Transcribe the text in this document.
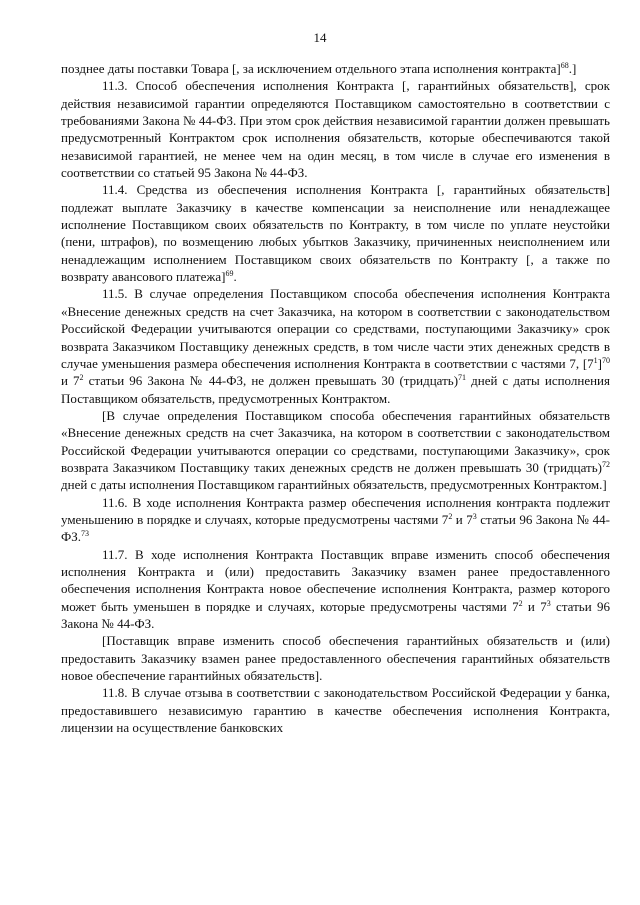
14

позднее даты поставки Товара [, за исключением отдельного этапа исполнения контракта]$^{68}$.]

11.3. Способ обеспечения исполнения Контракта [, гарантийных обязательств], срок действия независимой гарантии определяются Поставщиком самостоятельно в соответствии с требованиями Закона № 44-ФЗ. При этом срок действия независимой гарантии должен превышать предусмотренный Контрактом срок исполнения обязательств, которые обеспечиваются такой независимой гарантией, не менее чем на один месяц, в том числе в случае его изменения в соответствии со статьей 95 Закона № 44-ФЗ.

11.4. Средства из обеспечения исполнения Контракта [, гарантийных обязательств] подлежат выплате Заказчику в качестве компенсации за неисполнение или ненадлежащее исполнение Поставщиком своих обязательств по Контракту, в том числе по уплате неустойки (пени, штрафов), по возмещению любых убытков Заказчику, причиненных неисполнением или ненадлежащим исполнением Поставщиком своих обязательств по Контракту [, а также по возврату авансового платежа]$^{69}$.

11.5. В случае определения Поставщиком способа обеспечения исполнения Контракта «Внесение денежных средств на счет Заказчика, на котором в соответствии с законодательством Российской Федерации учитываются операции со средствами, поступающими Заказчику» срок возврата Заказчиком Поставщику денежных средств, в том числе части этих денежных средств в случае уменьшения размера обеспечения исполнения Контракта в соответствии с частями 7, $[7^1]^{70}$ и $7^2$ статьи 96 Закона № 44-ФЗ, не должен превышать 30 (тридцать)$^{71}$ дней с даты исполнения Поставщиком обязательств, предусмотренных Контрактом.

[В случае определения Поставщиком способа обеспечения гарантийных обязательств «Внесение денежных средств на счет Заказчика, на котором в соответствии с законодательством Российской Федерации учитываются операции со средствами, поступающими Заказчику», срок возврата Заказчиком Поставщику таких денежных средств не должен превышать 30 (тридцать)$^{72}$ дней с даты исполнения Поставщиком гарантийных обязательств, предусмотренных Контрактом.]

11.6. В ходе исполнения Контракта размер обеспечения исполнения контракта подлежит уменьшению в порядке и случаях, которые предусмотрены частями $7^2$ и $7^3$ статьи 96 Закона № 44-ФЗ.$^{73}$

11.7. В ходе исполнения Контракта Поставщик вправе изменить способ обеспечения исполнения Контракта и (или) предоставить Заказчику взамен ранее предоставленного обеспечения исполнения Контракта новое обеспечение исполнения Контракта, размер которого может быть уменьшен в порядке и случаях, которые предусмотрены частями $7^2$ и $7^3$ статьи 96 Закона № 44-ФЗ.

[Поставщик вправе изменить способ обеспечения гарантийных обязательств и (или) предоставить Заказчику взамен ранее предоставленного обеспечения гарантийных обязательств новое обеспечение гарантийных обязательств].

11.8. В случае отзыва в соответствии с законодательством Российской Федерации у банка, предоставившего независимую гарантию в качестве обеспечения исполнения Контракта, лицензии на осуществление банковских
